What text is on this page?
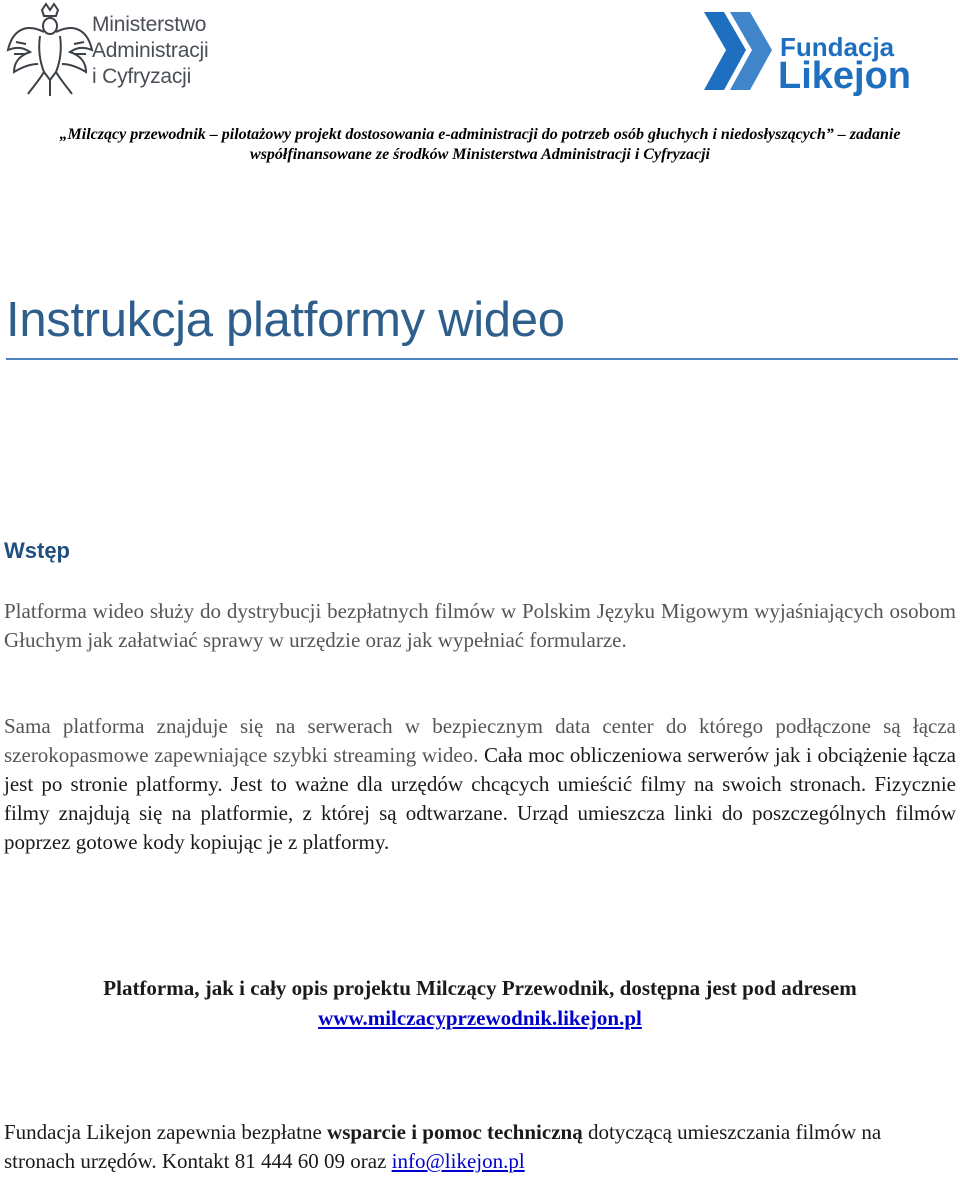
Ministerstwo
Administracji
i Cyfryzacji
Fundacja
Likejon
„Milczący przewodnik – pilotażowy projekt dostosowania e-administracji do potrzeb osób głuchych i niedosłyszących” – zadanie współfinansowane ze środków Ministerstwa Administracji i Cyfryzacji
Instrukcja platformy wideo
Wstęp
Platforma wideo służy do dystrybucji bezpłatnych filmów w Polskim Języku Migowym wyjaśniających osobom Głuchym jak załatwiać sprawy w urzędzie oraz jak wypełniać formularze.
Sama platforma znajduje się na serwerach w bezpiecznym data center do którego podłączone są łącza szerokopasmowe zapewniające szybki streaming wideo. Cała moc obliczeniowa serwerów jak i obciążenie łącza jest po stronie platformy. Jest to ważne dla urzędów chcących umieścić filmy na swoich stronach. Fizycznie filmy znajdują się na platformie, z której są odtwarzane. Urząd umieszcza linki do poszczególnych filmów poprzez gotowe kody kopiując je z platformy.
Platforma, jak i cały opis projektu Milczący Przewodnik, dostępna jest pod adresem
www.milczacyprzewodnik.likejon.pl
Fundacja Likejon zapewnia bezpłatne wsparcie i pomoc techniczną dotyczącą umieszczania filmów na stronach urzędów. Kontakt 81 444 60 09 oraz info@likejon.pl
